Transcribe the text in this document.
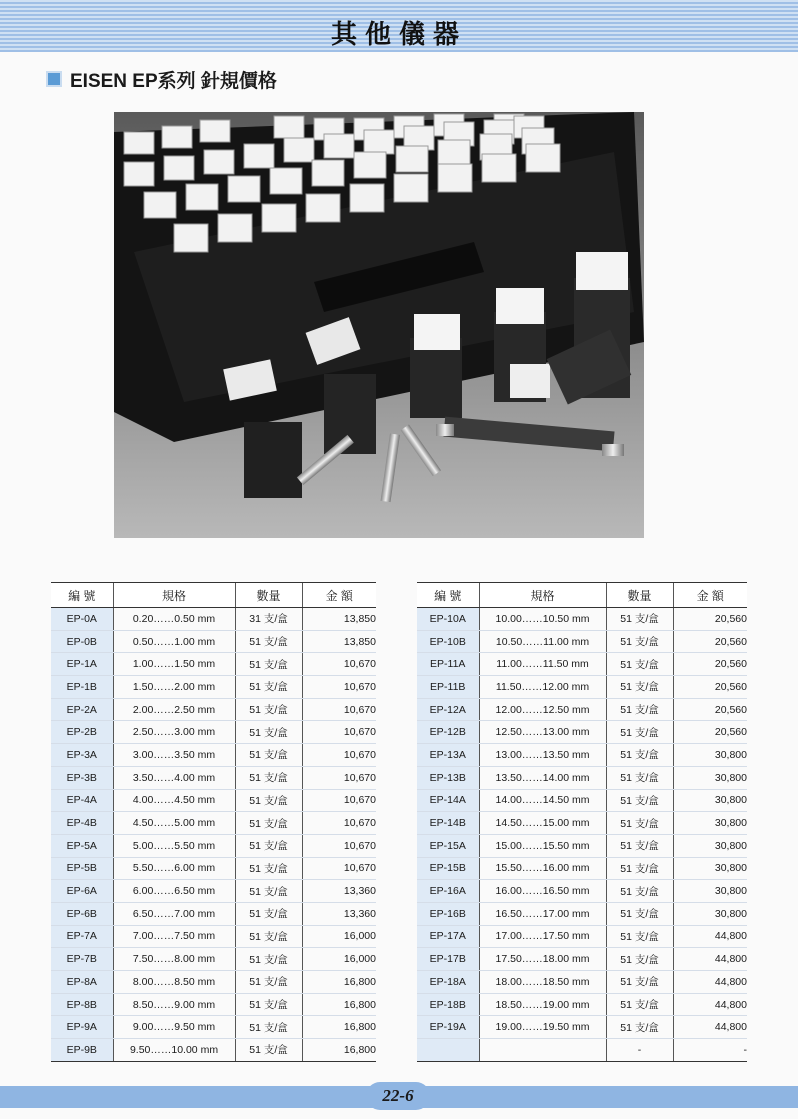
其他儀器
EISEN EP系列 針規價格
編 號	規格	數量	金 額
EP-0A	0.20……0.50 mm	31 支/盒	13,850
EP-0B	0.50……1.00 mm	51 支/盒	13,850
EP-1A	1.00……1.50 mm	51 支/盒	10,670
EP-1B	1.50……2.00 mm	51 支/盒	10,670
EP-2A	2.00……2.50 mm	51 支/盒	10,670
EP-2B	2.50……3.00 mm	51 支/盒	10,670
EP-3A	3.00……3.50 mm	51 支/盒	10,670
EP-3B	3.50……4.00 mm	51 支/盒	10,670
EP-4A	4.00……4.50 mm	51 支/盒	10,670
EP-4B	4.50……5.00 mm	51 支/盒	10,670
EP-5A	5.00……5.50 mm	51 支/盒	10,670
EP-5B	5.50……6.00 mm	51 支/盒	10,670
EP-6A	6.00……6.50 mm	51 支/盒	13,360
EP-6B	6.50……7.00 mm	51 支/盒	13,360
EP-7A	7.00……7.50 mm	51 支/盒	16,000
EP-7B	7.50……8.00 mm	51 支/盒	16,000
EP-8A	8.00……8.50 mm	51 支/盒	16,800
EP-8B	8.50……9.00 mm	51 支/盒	16,800
EP-9A	9.00……9.50 mm	51 支/盒	16,800
EP-9B	9.50……10.00 mm	51 支/盒	16,800
編 號	規格	數量	金 額
EP-10A	10.00……10.50 mm	51 支/盒	20,560
EP-10B	10.50……11.00 mm	51 支/盒	20,560
EP-11A	11.00……11.50 mm	51 支/盒	20,560
EP-11B	11.50……12.00 mm	51 支/盒	20,560
EP-12A	12.00……12.50 mm	51 支/盒	20,560
EP-12B	12.50……13.00 mm	51 支/盒	20,560
EP-13A	13.00……13.50 mm	51 支/盒	30,800
EP-13B	13.50……14.00 mm	51 支/盒	30,800
EP-14A	14.00……14.50 mm	51 支/盒	30,800
EP-14B	14.50……15.00 mm	51 支/盒	30,800
EP-15A	15.00……15.50 mm	51 支/盒	30,800
EP-15B	15.50……16.00 mm	51 支/盒	30,800
EP-16A	16.00……16.50 mm	51 支/盒	30,800
EP-16B	16.50……17.00 mm	51 支/盒	30,800
EP-17A	17.00……17.50 mm	51 支/盒	44,800
EP-17B	17.50……18.00 mm	51 支/盒	44,800
EP-18A	18.00……18.50 mm	51 支/盒	44,800
EP-18B	18.50……19.00 mm	51 支/盒	44,800
EP-19A	19.00……19.50 mm	51 支/盒	44,800
		-	-
22-6
